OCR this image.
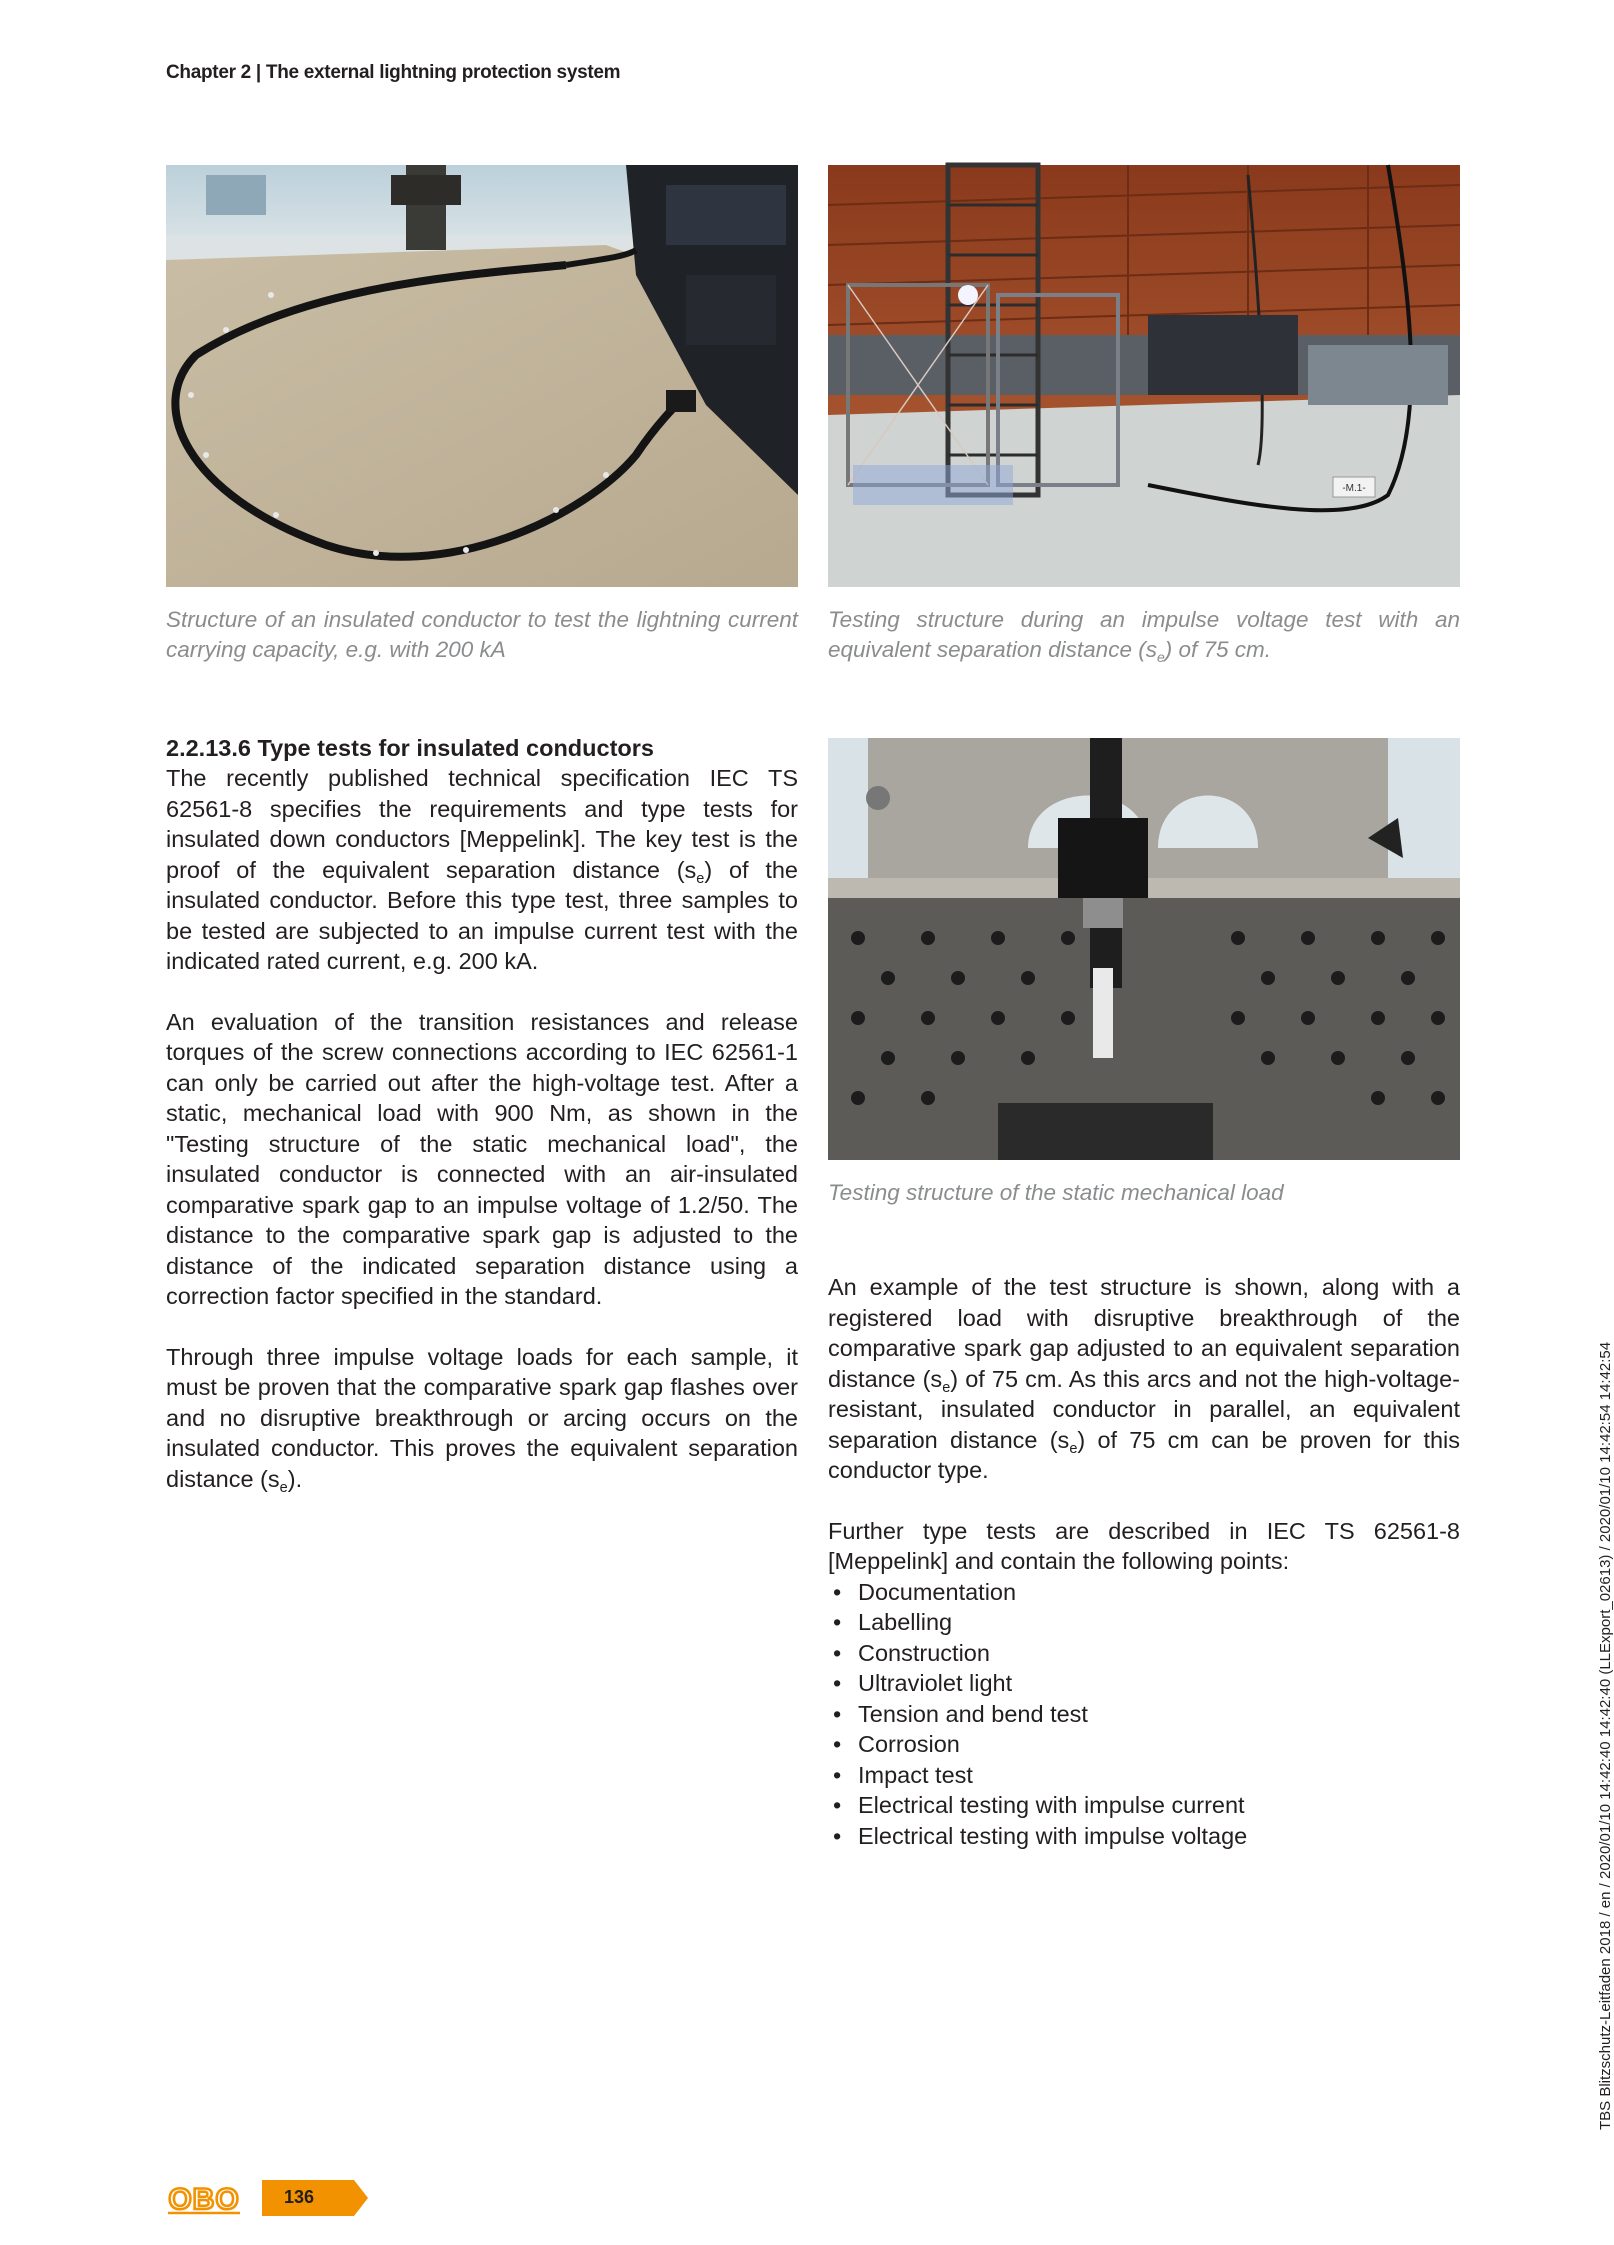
Chapter 2 | The external lightning protection system
Structure of an insulated conductor to test the lightning current carrying capacity, e.g. with 200 kA
-M.1-
Testing structure during an impulse voltage test with an equivalent separation distance $(s_e)$ of 75 cm.
Testing structure of the static mechanical load
2.2.13.6 Type tests for insulated conductors

The recently published technical specification IEC TS 62561-8 specifies the requirements and type tests for insulated down conductors [Meppelink]. The key test is the proof of the equivalent separation distance $(s_e)$ of the insulated conductor. Before this type test, three samples to be tested are subjected to an impulse current test with the indicated rated current, e.g. 200 kA.

An evaluation of the transition resistances and release torques of the screw connections according to IEC 62561-1 can only be carried out after the high-voltage test. After a static, mechanical load with 900 Nm, as shown in the "Testing structure of the static mechanical load", the insulated conductor is connected with an air-insulated comparative spark gap to an impulse voltage of 1.2/50. The distance to the comparative spark gap is adjusted to the distance of the indicated separation distance using a correction factor specified in the standard.

Through three impulse voltage loads for each sample, it must be proven that the comparative spark gap flashes over and no disruptive breakthrough or arcing occurs on the insulated conductor. This proves the equivalent separation distance $(s_e)$.

An example of the test structure is shown, along with a registered load with disruptive breakthrough of the comparative spark gap adjusted to an equivalent separation distance $(s_e)$ of 75 cm. As this arcs and not the high-voltage-resistant, insulated conductor in parallel, an equivalent separation distance $(s_e)$ of 75 cm can be proven for this conductor type.

Further type tests are described in IEC TS 62561-8 [Meppelink] and contain the following points:

• Documentation
• Labelling
• Construction
• Ultraviolet light
• Tension and bend test
• Corrosion
• Impact test
• Electrical testing with impulse current
• Electrical testing with impulse voltage	TBS Blitzschutz-Leitfaden 2018 / en / 2020/01/10 14:42:40 14:42:40 (LLExport_02613) / 2020/01/10 14:42:54 14:42:54
OBO 136
